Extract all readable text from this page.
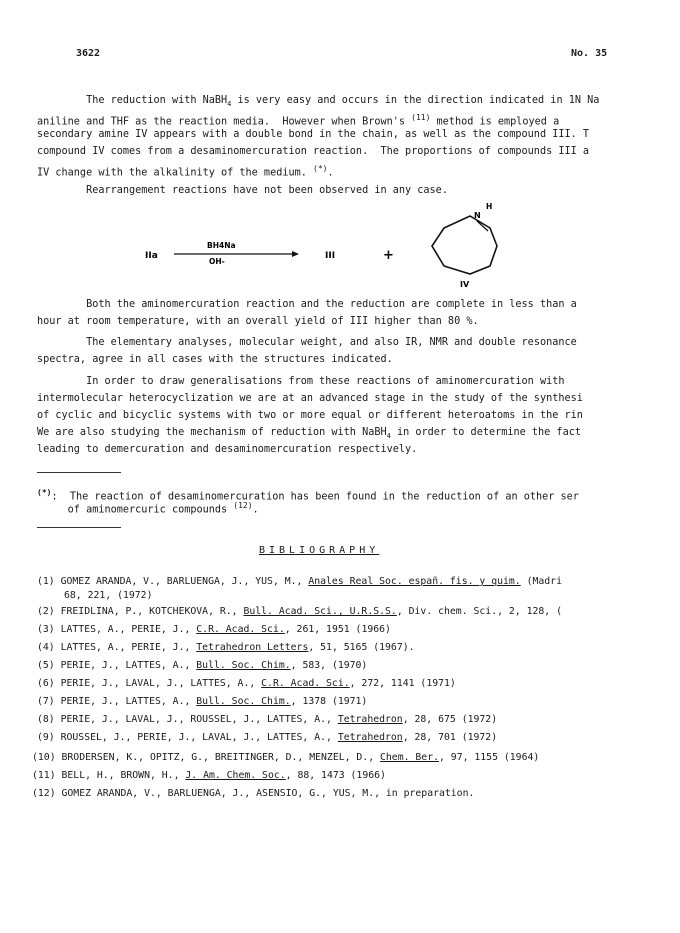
3622	No. 35
The reduction with NaBH$_4$ is very easy and occurs in the direction indicated in 1N Na
aniline and THF as the reaction media.  However when Brown's $^{(11)}$ method is employed a
secondary amine IV appears with a double bond in the chain, as well as the compound III. T
compound IV comes from a desaminomercuration reaction.  The proportions of compounds III a
IV change with the alkalinity of the medium. (*).
Rearrangement reactions have not been observed in any case.
IIa
BH4Na
OH-
III	+
N
H
IV
Both the aminomercuration reaction and the reduction are complete in less than a
hour at room temperature, with an overall yield of III higher than 80 %.
The elementary analyses, molecular weight, and also IR, NMR and double resonance
spectra, agree in all cases with the structures indicated.
In order to draw generalisations from these reactions of aminomercuration with
intermolecular heterocyclization we are at an advanced stage in the study of the synthesi
of cyclic and bicyclic systems with two or more equal or different heteroatoms in the rin
We are also studying the mechanism of reduction with NaBH$_4$ in order to determine the fact
leading to demercuration and desaminomercuration respectively.
(*):  The reaction of desaminomercuration has been found in the reduction of an other ser
of aminomercuric compounds $^{(12)}$.
BIBLIOGRAPHY
(1) GOMEZ ARANDA, V., BARLUENGA, J., YUS, M., Anales Real Soc. españ. fis. y quim. (Madri
68, 221, (1972)
(2) FREIDLINA, P., KOTCHEKOVA, R., Bull. Acad. Sci., U.R.S.S., Div. chem. Sci., 2, 128, (
(3) LATTES, A., PERIE, J., C.R. Acad. Sci., 261, 1951 (1966)
(4) LATTES, A., PERIE, J., Tetrahedron Letters, 51, 5165 (1967).
(5) PERIE, J., LATTES, A., Bull. Soc. Chim., 583, (1970)
(6) PERIE, J., LAVAL, J., LATTES, A., C.R. Acad. Sci., 272, 1141 (1971)
(7) PERIE, J., LATTES, A., Bull. Soc. Chim., 1378 (1971)
(8) PERIE, J., LAVAL, J., ROUSSEL, J., LATTES, A., Tetrahedron, 28, 675 (1972)
(9) ROUSSEL, J., PERIE, J., LAVAL, J., LATTES, A., Tetrahedron, 28, 701 (1972)
(10) BRODERSEN, K., OPITZ, G., BREITINGER, D., MENZEL, D., Chem. Ber., 97, 1155 (1964)
(11) BELL, H., BROWN, H., J. Am. Chem. Soc., 88, 1473 (1966)
(12) GOMEZ ARANDA, V., BARLUENGA, J., ASENSIO, G., YUS, M., in preparation.
